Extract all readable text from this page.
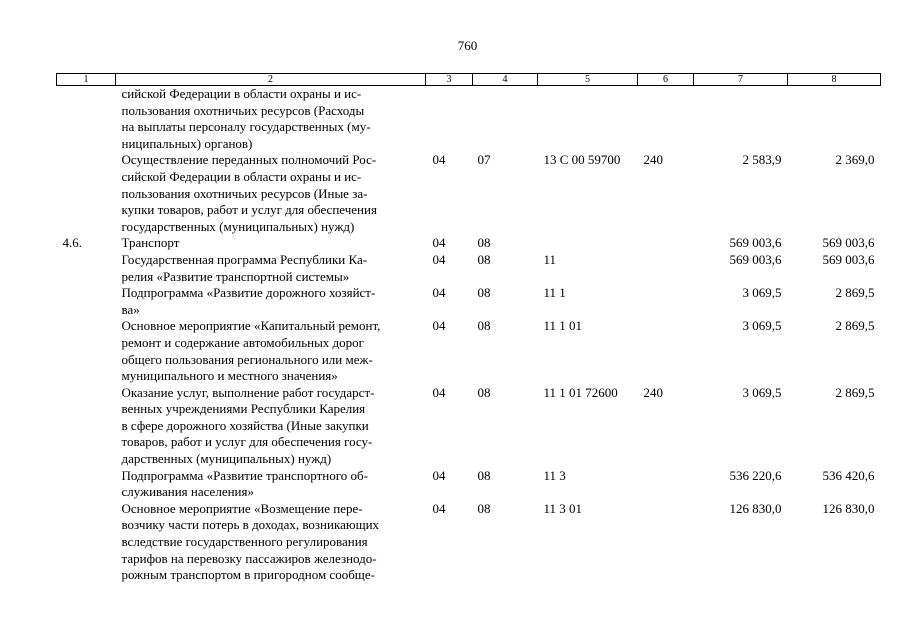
760
1	2	3	4	5	6	7	8

	сийской Федерации в области охраны и ис-
пользования охотничьих ресурсов (Расходы
на выплаты персоналу государственных (му-
ниципальных) органов)						

	Осуществление переданных полномочий Рос-
сийской Федерации в области охраны и ис-
пользования охотничьих ресурсов (Иные за-
купки товаров, работ и услуг для обеспечения
государственных (муниципальных) нужд)	04	07	13 С 00 59700	240	2 583,9	2 369,0
4.6.	Транспорт	04	08			569 003,6	569 003,6

	Государственная программа Республики Ка-
релия «Развитие транспортной системы»	04	08	11		569 003,6	569 003,6

	Подпрограмма «Развитие дорожного хозяйст-
ва»	04	08	11 1		3 069,5	2 869,5

	Основное мероприятие «Капитальный ремонт,
ремонт и содержание автомобильных дорог
общего пользования регионального или меж-
муниципального и местного значения»	04	08	11 1 01		3 069,5	2 869,5

	Оказание услуг, выполнение работ государст-
венных учреждениями Республики Карелия
в сфере дорожного хозяйства (Иные закупки
товаров, работ и услуг для обеспечения госу-
дарственных (муниципальных) нужд)	04	08	11 1 01 72600	240	3 069,5	2 869,5

	Подпрограмма «Развитие транспортного об-
служивания населения»	04	08	11 3		536 220,6	536 420,6

	Основное мероприятие «Возмещение пере-
возчику части потерь в доходах, возникающих
вследствие государственного регулирования
тарифов на перевозку пассажиров железнодо-
рожным транспортом в пригородном сообще-	04	08	11 3 01		126 830,0	126 830,0
